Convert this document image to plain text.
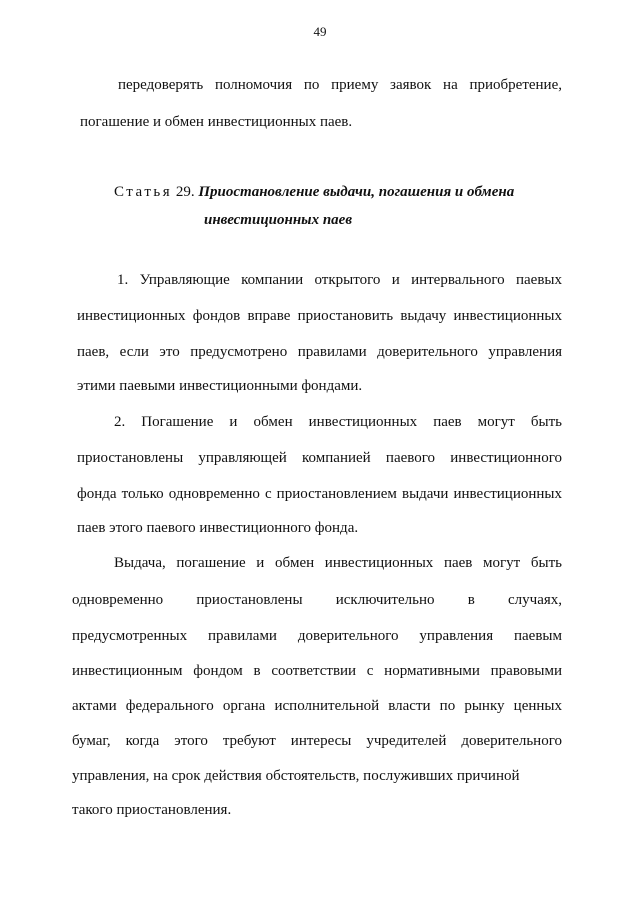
49
передоверять полномочия по приему заявок на приобретение,
погашение и обмен инвестиционных паев.
Статья 29. Приостановление выдачи, погашения и обмена
инвестиционных паев
1. Управляющие компании открытого и интервального паевых
инвестиционных фондов вправе приостановить выдачу инвестиционных
паев, если это предусмотрено правилами доверительного управления
этими паевыми инвестиционными фондами.
2. Погашение и обмен инвестиционных паев могут быть
приостановлены управляющей компанией паевого инвестиционного
фонда только одновременно с приостановлением выдачи инвестиционных
паев этого паевого инвестиционного фонда.
Выдача, погашение и обмен инвестиционных паев могут быть
одновременно приостановлены исключительно в случаях,
предусмотренных правилами доверительного управления паевым
инвестиционным фондом в соответствии с нормативными правовыми
актами федерального органа исполнительной власти по рынку ценных
бумаг, когда этого требуют интересы учредителей доверительного
управления, на срок действия обстоятельств, послуживших причиной
такого приостановления.
